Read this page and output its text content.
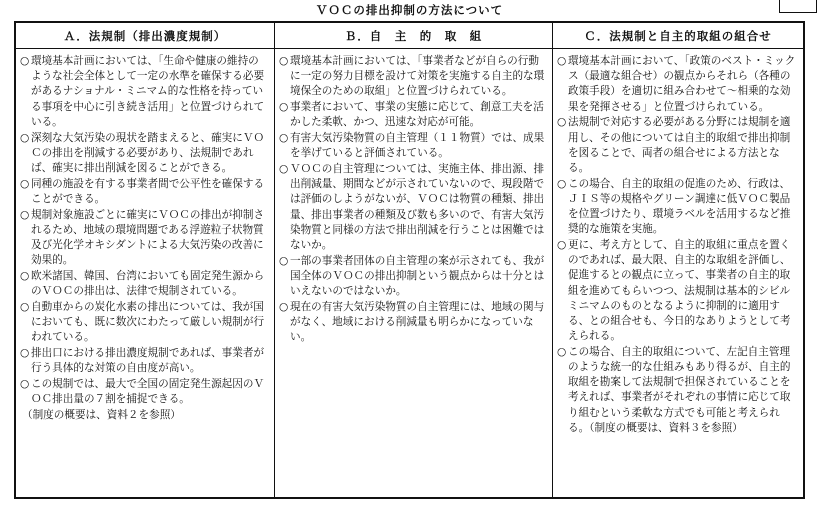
ＶＯＣの排出抑制の方法について
Ａ．法規制（排出濃度規制）
○ 環境基本計画においては、「生命や健康の維持のような社会全体として一定の水準を確保する必要があるナショナル・ミニマム的な性格を持っている事項を中心に引き続き活用」と位置づけられている。
○ 深刻な大気汚染の現状を踏まえると、確実にＶＯＣの排出を削減する必要があり、法規制であれば、確実に排出削減を図ることができる。
○ 同種の施設を有する事業者間で公平性を確保することができる。
○ 規制対象施設ごとに確実にＶＯＣの排出が抑制されるため、地域の環境問題である浮遊粒子状物質及び光化学オキシダントによる大気汚染の改善に効果的。
○ 欧米諸国、韓国、台湾においても固定発生源からのＶＯＣの排出は、法律で規制されている。
○ 自動車からの炭化水素の排出については、我が国においても、既に数次にわたって厳しい規制が行われている。
○ 排出口における排出濃度規制であれば、事業者が行う具体的な対策の自由度が高い。
○ この規制では、最大で全国の固定発生源起因のＶＯＣ排出量の７割を捕捉できる。
（制度の概要は、資料２を参照）
Ｂ．自　主　的　取　組
○ 環境基本計画においては、「事業者などが自らの行動に一定の努力目標を設けて対策を実施する自主的な環境保全のための取組」と位置づけられている。
○ 事業者において、事業の実態に応じて、創意工夫を活かした柔軟、かつ、迅速な対応が可能。
○ 有害大気汚染物質の自主管理（１１物質）では、成果を挙げていると評価されている。
○ ＶＯＣの自主管理については、実施主体、排出源、排出削減量、期間などが示されていないので、現段階では評価のしようがないが、ＶＯＣは物質の種類、排出量、排出事業者の種類及び数も多いので、有害大気汚染物質と同様の方法で排出削減を行うことは困難ではないか。
○ 一部の事業者団体の自主管理の案が示されても、我が国全体のＶＯＣの排出抑制という観点からは十分とはいえないのではないか。
○ 現在の有害大気汚染物質の自主管理には、地域の関与がなく、地域における削減量も明らかになっていない。
Ｃ．法規制と自主的取組の組合せ
○ 環境基本計画において、「政策のベスト・ミックス（最適な組合せ）の観点からそれら（各種の政策手段）を適切に組み合わせて～相乗的な効果を発揮させる」と位置づけられている。
○ 法規制で対応する必要がある分野には規制を適用し、その他については自主的取組で排出抑制を図ることで、両者の組合せによる方法となる。
○ この場合、自主的取組の促進のため、行政は、ＪＩＳ等の規格やグリーン調達に低ＶＯＣ製品を位置づけたり、環境ラベルを活用するなど推奨的な施策を実施。
○ 更に、考え方として、自主的取組に重点を置くのであれば、最大限、自主的な取組を評価し、促進するとの観点に立って、事業者の自主的取組を進めてもらいつつ、法規制は基本的シビルミニマムのものとなるように抑制的に適用する、との組合せも、今日的なありようとして考えられる。
○ この場合、自主的取組について、左記自主管理のような統一的な仕組みもあり得るが、自主的取組を勘案して法規制で担保されていることを考えれば、事業者がそれぞれの事情に応じて取り組むという柔軟な方式でも可能と考えられる。（制度の概要は、資料３を参照）
